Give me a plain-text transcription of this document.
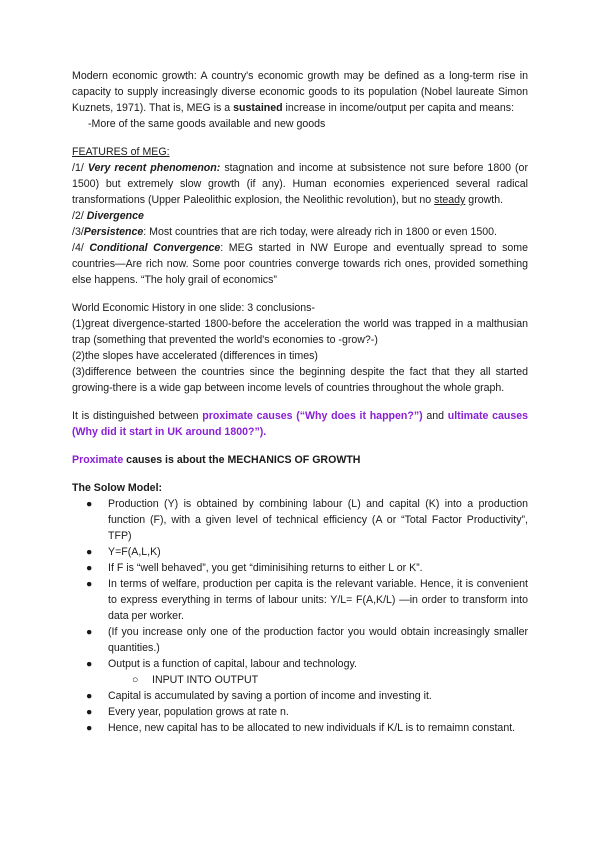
Modern economic growth: A country's economic growth may be defined as a long-term rise in capacity to supply increasingly diverse economic goods to its population (Nobel laureate Simon Kuznets, 1971). That is, MEG is a sustained increase in income/output per capita and means:

-More of the same goods available and new goods

FEATURES of MEG:

/1/ Very recent phenomenon: stagnation and income at subsistence not sure before 1800 (or 1500) but extremely slow growth (if any). Human economies experienced several radical transformations (Upper Paleolithic explosion, the Neolithic revolution), but no steady growth.

/2/ Divergence

/3/Persistence: Most countries that are rich today, were already rich in 1800 or even 1500.

/4/ Conditional Convergence: MEG started in NW Europe and eventually spread to some countries—Are rich now. Some poor countries converge towards rich ones, provided something else happens. “The holy grail of economics”

World Economic History in one slide: 3 conclusions-

(1)great divergence-started 1800-before the acceleration the world was trapped in a malthusian trap (something that prevented the world's economies to -grow?-)

(2)the slopes have accelerated (differences in times)

(3)difference between the countries since the beginning despite the fact that they all started growing-there is a wide gap between income levels of countries throughout the whole graph.

It is distinguished between proximate causes (“Why does it happen?”) and ultimate causes (Why did it start in UK around 1800?”).

Proximate causes is about the MECHANICS OF GROWTH

The Solow Model:

● Production (Y) is obtained by combining labour (L) and capital (K) into a production function (F), with a given level of technical efficiency (A or “Total Factor Productivity”, TFP)
● Y=F(A,L,K)
● If F is “well behaved”, you get “diminisihing returns to either L or K”.
● In terms of welfare, production per capita is the relevant variable. Hence, it is convenient to express everything in terms of labour units: Y/L= F(A,K/L) —in order to transform into data per worker.
● (If you increase only one of the production factor you would obtain increasingly smaller quantities.)
● Output is a function of capital, labour and technology.
○ INPUT INTO OUTPUT
● Capital is accumulated by saving a portion of income and investing it.
● Every year, population grows at rate n.
● Hence, new capital has to be allocated to new individuals if K/L is to remaimn constant.
